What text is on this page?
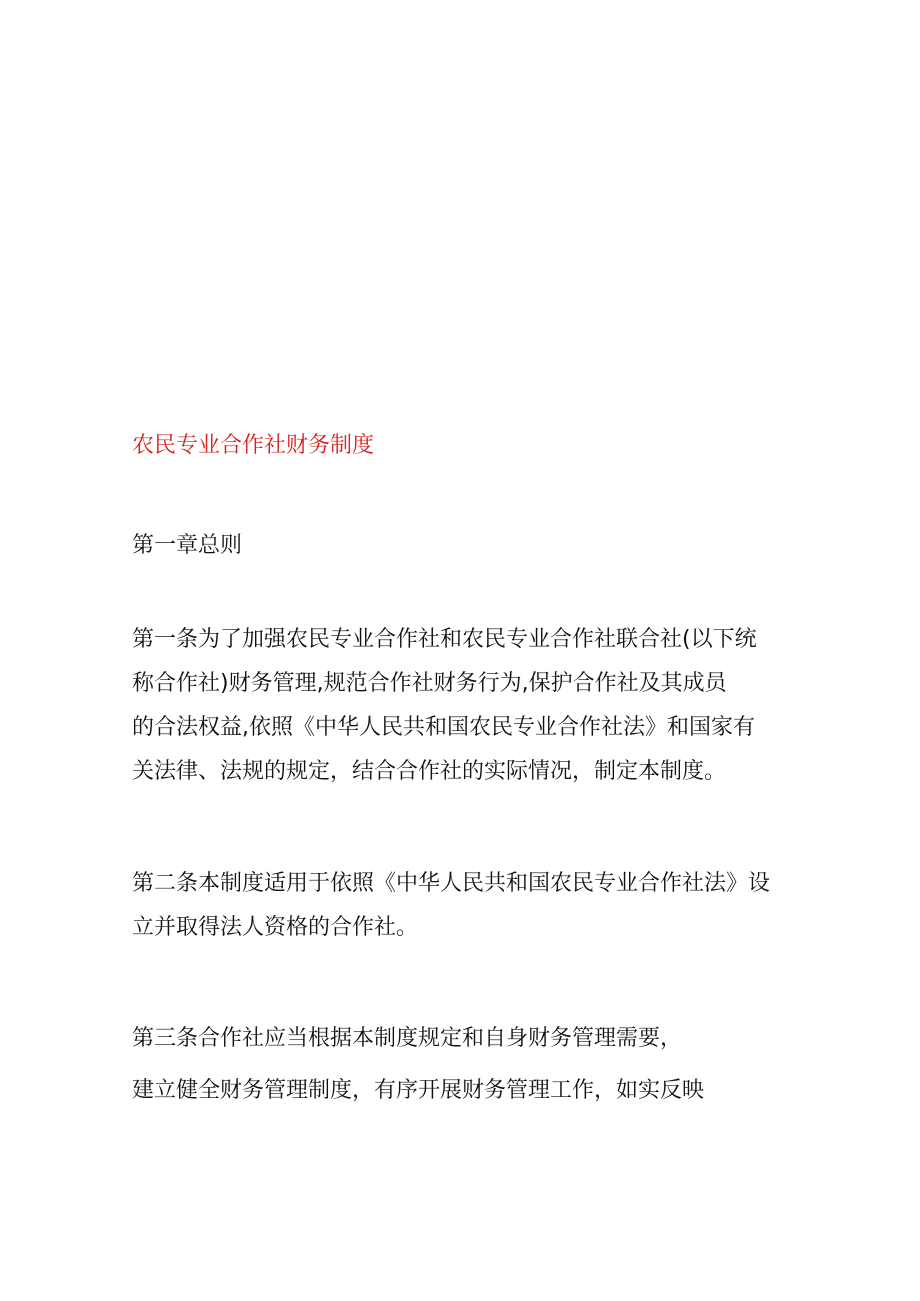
农民专业合作社财务制度
第一章总则
第一条为了加强农民专业合作社和农民专业合作社联合社(以下统
称合作社)财务管理,规范合作社财务行为,保护合作社及其成员
的合法权益,依照《中华人民共和国农民专业合作社法》和国家有
关法律、法规的规定，结合合作社的实际情况，制定本制度。
第二条本制度适用于依照《中华人民共和国农民专业合作社法》设
立并取得法人资格的合作社。
第三条合作社应当根据本制度规定和自身财务管理需要，
建立健全财务管理制度，有序开展财务管理工作，如实反映
